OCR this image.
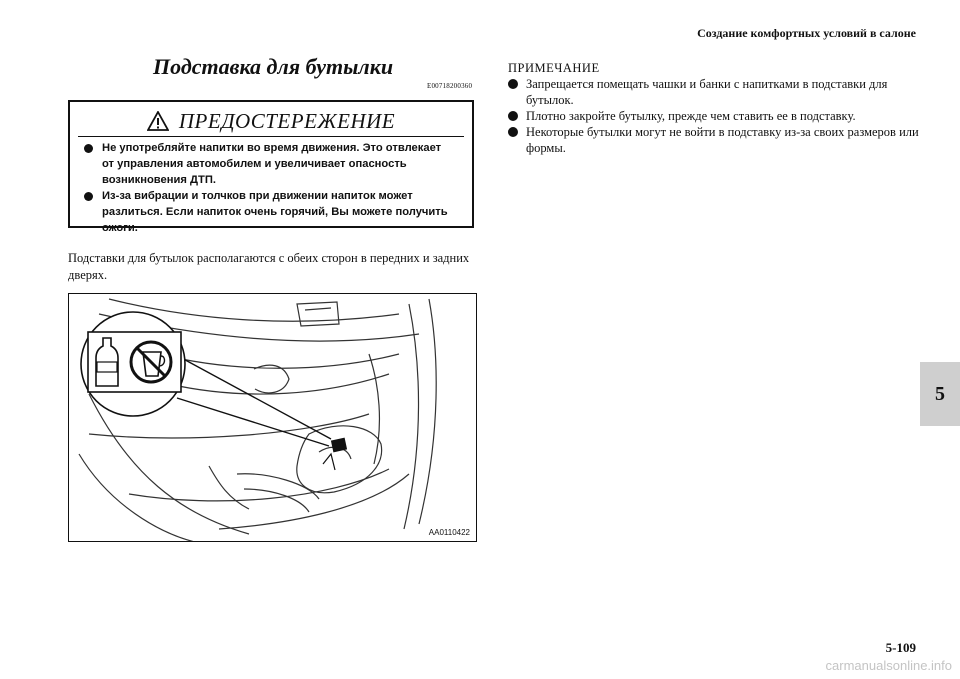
Создание комфортных условий в салоне
Подставка для бутылки
E00718200360
ПРЕДОСТЕРЕЖЕНИЕ
Не употребляйте напитки во время движения. Это отвлекает от управления автомобилем и увеличивает опасность возникновения ДТП.
Из-за вибрации и толчков при движении напиток может разлиться. Если напиток очень горячий, Вы можете получить ожоги.
Подставки для бутылок располагаются с обеих сторон в передних и задних дверях.
AA0110422
ПРИМЕЧАНИЕ
Запрещается помещать чашки и банки с напитками в подставки для бутылок.
Плотно закройте бутылку, прежде чем ставить ее в подставку.
Некоторые бутылки могут не войти в подставку из-за своих размеров или формы.
5
5-109
carmanualsonline.info
